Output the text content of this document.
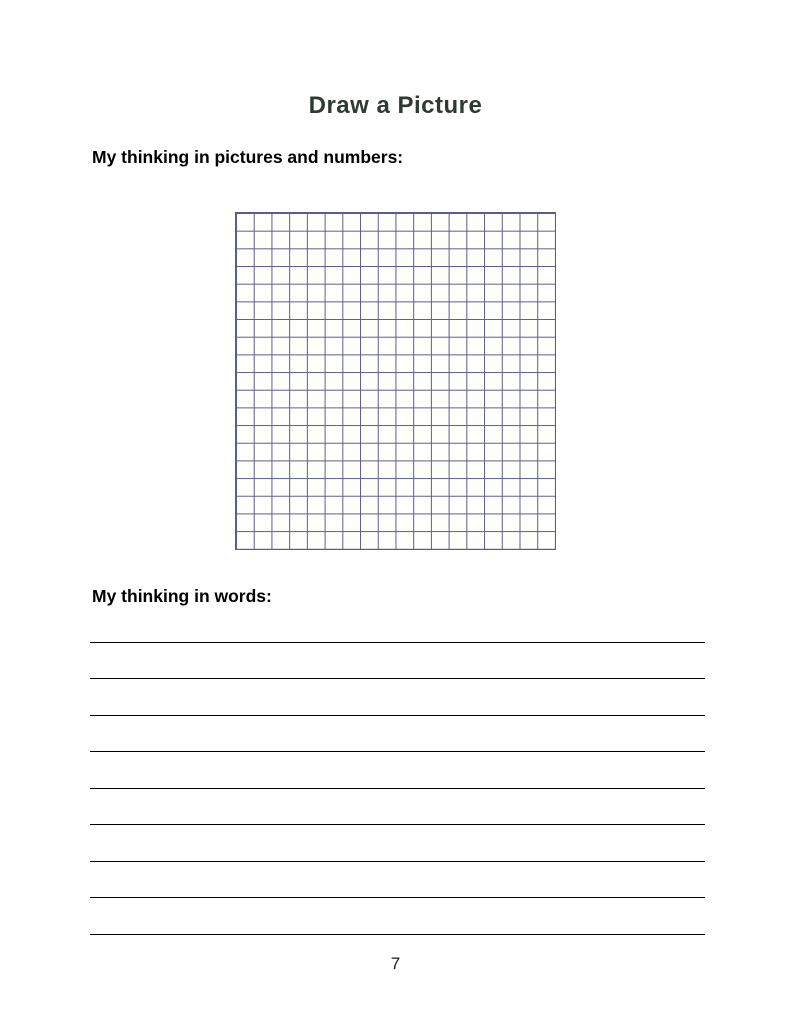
Draw a Picture
My thinking in pictures and numbers:
My thinking in words:
7
